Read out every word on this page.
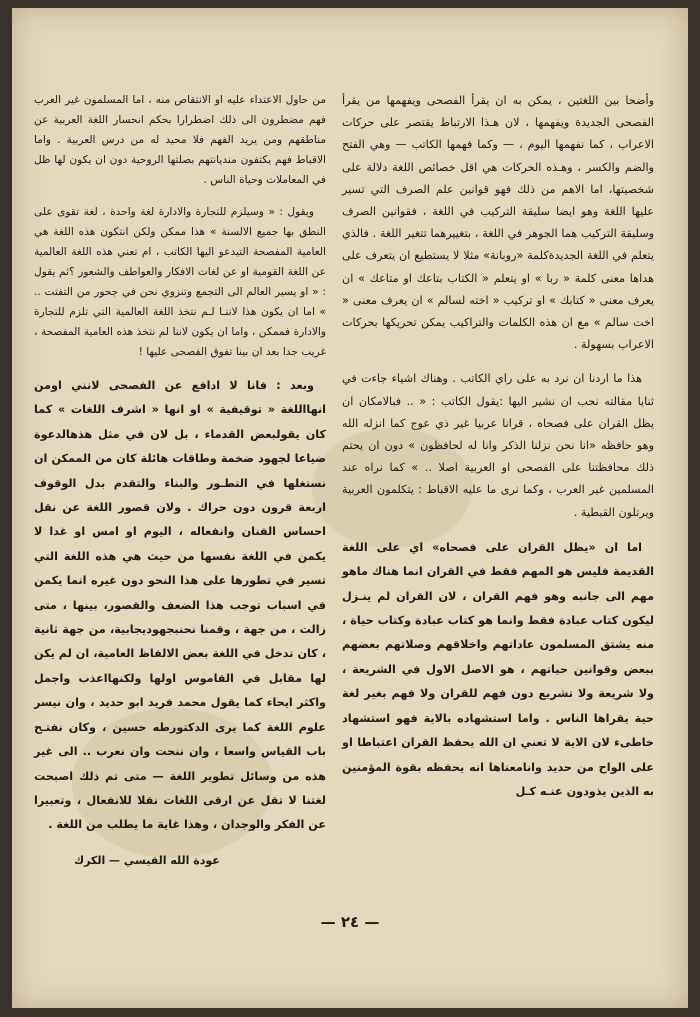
وأضحا بين اللغتين ، يمكن به ان يقرأ الفصحى ويفهمها من يقرأ الفصحى الجديدة ويفهمها ، لان هـذا الارتباط يقتصر على حركات الاعراب ، كما نفهمها اليوم ، — وكما فهمها الكاتب — وهي الفتح والضم والكسر ، وهـذه الحركات هي اقل خصائص اللغة دلالة على شخصيتها، اما الاهم من ذلك فهو قوانين علم الصرف التي تسير عليها اللغة وهو ايضا سليقة التركيب في اللغة ، فقوانين الصرف وسليقة التركيب هما الجوهر في اللغة ، بتغييرهما تتغير اللغة . فالذي يتعلم في اللغة الجديدةكلمة «روبانة» مثلا لا يستطيع ان يتعرف على هداها معنى كلمة « ربا » او يتعلم « الكتاب بتاعك او متاعك » ان يعرف معنى « كتابك » او تركيب « اخته لسالم » ان يعرف معنى « اخت سالم » مع ان هذه الكلمات والتراكيب يمكن تحريكها بحركات الاعراب بسهولة .

هذا ما اردنا ان نرد به على راي الكاتب . وهناك اشياء جاءت في ثنايا مقالته نحب ان نشير اليها :يقول الكاتب : « .. فبالامكان ان يظل القران على فصحاه ، قرانا عربيا غير ذي عوج كما انزله الله وهو حافظه «انا نحن نزلنا الذكر وانا له لحافظون » دون ان يحتم ذلك محافظتنا على الفصحى او العربية اصلا .. » كما نراه عند المسلمين غير العرب ، وكما نرى ما عليه الاقباط : يتكلمون العربية ويرتلون القبطية .

اما ان «يظل القران على فصحاه» اي على اللغة القديمة فليس هو المهم فقط في القران انما هناك ماهو مهم الى جانبه وهو فهم القران ، لان القران لم ينـزل ليكون كتاب عبادة فقط وانما هو كتاب عبادة وكتاب حياة ، منه يشتق المسلمون عاداتهم واخلاقهم وصلاتهم بعضهم ببعض وقوانين حياتهم ، هو الاصل الاول في الشريعة ، ولا شريعة ولا تشريع دون فهم للقران ولا فهم بغير لغة حية يقراها الناس . واما استشهاده بالاية فهو استشهاد خاطىء لان الاية لا تعني ان الله يحفظ القران اعتباطا او على الواح من حديد وانامعناها انه يحفظه بقوة المؤمنين به الذين يذودون عنـه كـل

من حاول الاعتداء عليه او الانتقاص منه ، اما المسلمون غير العرب فهم مضطرون الى ذلك اضطرارا بحكم انحسار اللغة العربية عن مناطقهم ومن يريد الفهم فلا محيد له من درس العربية . واما الاقباط فهم يكتفون منديانتهم بصلتها الروحية دون ان يكون لها ظل في المعاملات وحياة الناس .

ويقول : « وسيلزم للتجارة والادارة لغة واحدة ، لغة تقوى على النطق بها جميع الالسنة » هذا ممكن ولكن انتكون هذه اللغة هي العامية المفصحة التيدعو اليها الكاتب ، ام تعني هذه اللغة العالمية عن اللغة القومية او عن لغات الافكار والعواطف والشعور ؟ثم يقول : « او يسير العالم الى التجمع وتنزوي نحن في جحور من التفتت .. » اما ان يكون هذا لاننـا لـم نتخذ اللغة العالمية التي تلزم للتجارة والادارة فممكن ، واما ان يكون لاننا لم نتخذ هذه العامية المفصحة ، غريب جدا بعد ان بينا تفوق الفصحى عليها !

وبعد : فانا لا ادافع عن الفصحى لانني اومن انهااللغة « توقيفية » او انها « اشرف اللغات » كما كان يقولبعض القدماء ، بل لان في مثل هذهالدعوة ضياعا لجهود ضخمة وطاقات هائلة كان من الممكن ان نستغلها في التطـور والبناء والتقدم بدل الوقوف اربعة قرون دون حراك . ولان قصور اللغة عن نقل احساس الفنان وانفعاله ، اليوم او امس او غدا لا يكمن في اللغة نفسها من حيث هي هذه اللغة التي تسير في تطورها على هذا النحو دون غيره انما يكمن في اسباب توجب هذا الضعف والقصور، بينها ، متى زالت ، من جهة ، وقمنا نحنبجهوديجابية، من جهة ثانية ، كان تدخل في اللغة بعض الالفاظ العامية، ان لم يكن لها مقابل في القاموس اولها ولكنهااعذب واجمل واكثر ايحاء كما يقول محمد فريد ابو حديد ، وان نيسر علوم اللغة كما يرى الدكتورطه حسين ، وكان نفتـح باب القياس واسعا ، وان ننحت وان نعرب .. الى غير هذه من وسائل تطوير اللغة — متى تم ذلك اصبحت لغتنا لا تقل عن ارقى اللغات نقلا للانفعال ، وتعبيرا عن الفكر والوجدان ، وهذا غاية ما يطلب من اللغة .

عودة الله القيسي — الكرك
— ٢٤ —
